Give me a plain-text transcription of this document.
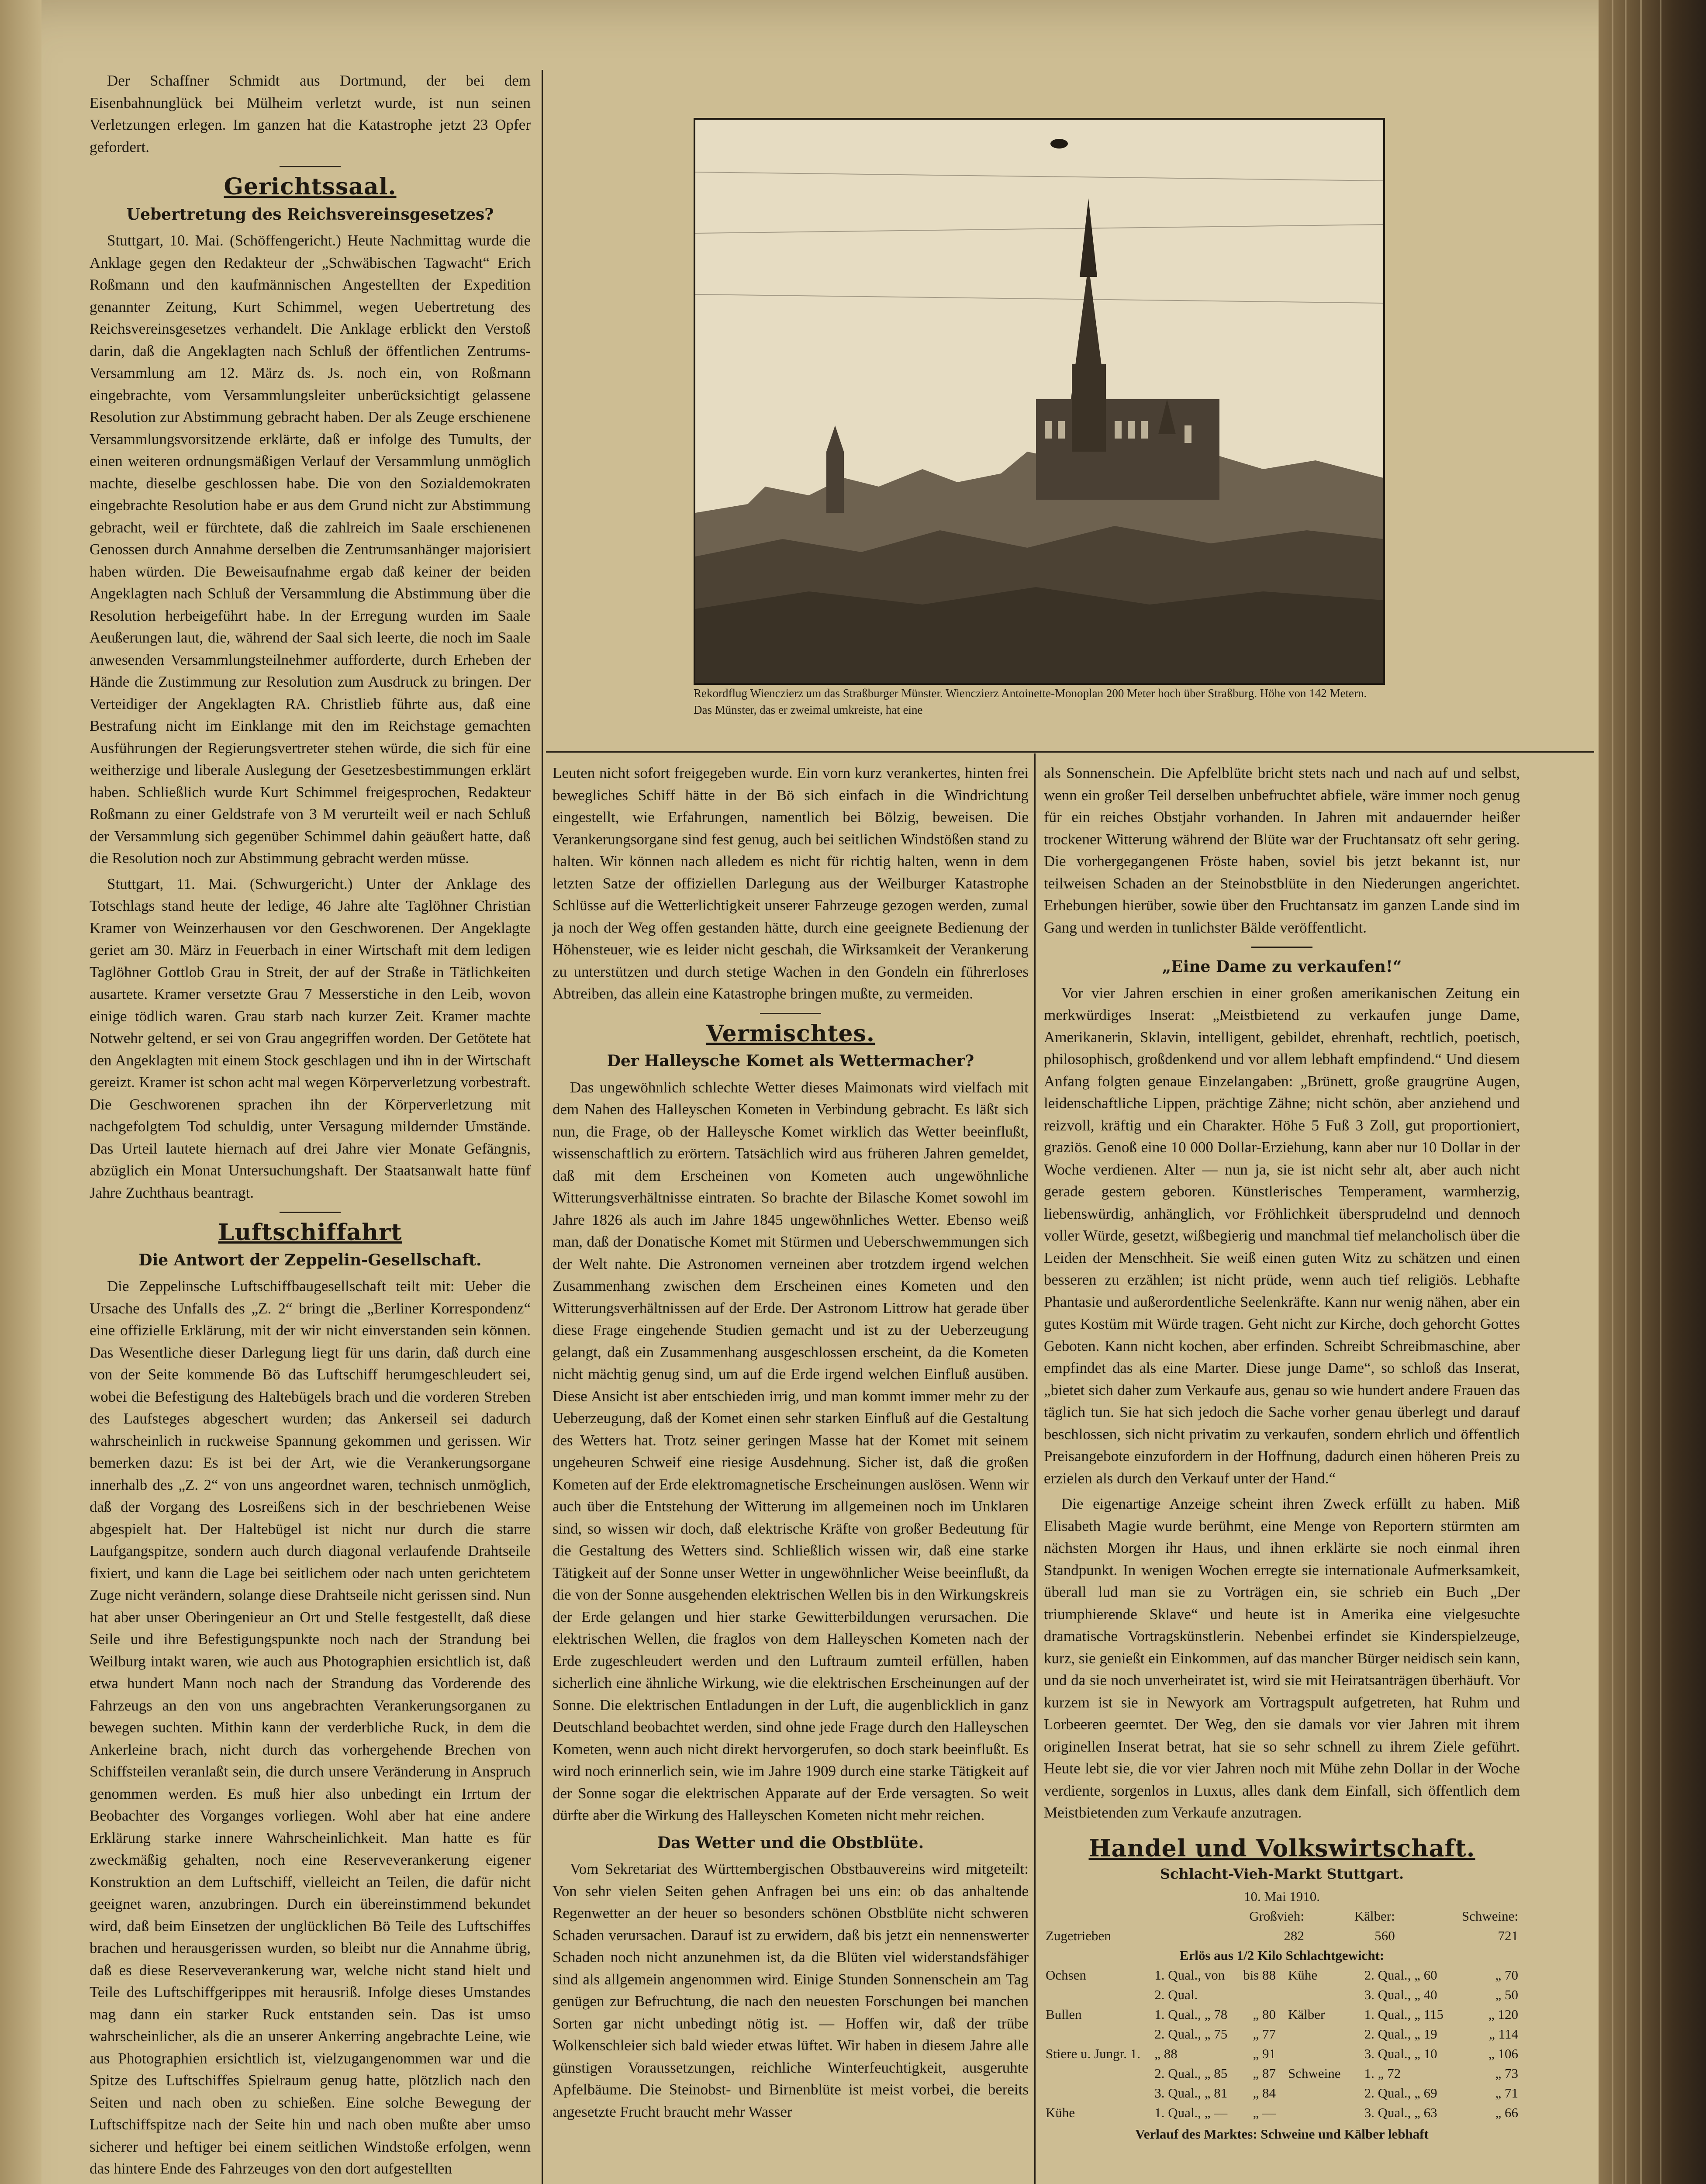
Der Schaffner Schmidt aus Dortmund, der bei dem Eisenbahnunglück bei Mülheim verletzt wurde, ist nun seinen Verletzungen erlegen. Im ganzen hat die Katastrophe jetzt 23 Opfer gefordert.

Gerichtssaal.
Uebertretung des Reichsvereinsgesetzes?

Stuttgart, 10. Mai. (Schöffengericht.) Heute Nachmittag wurde die Anklage gegen den Redakteur der „Schwäbischen Tagwacht“ Erich Roßmann und den kaufmännischen Angestellten der Expedition genannter Zeitung, Kurt Schimmel, wegen Uebertretung des Reichsvereinsgesetzes verhandelt. Die Anklage erblickt den Verstoß darin, daß die Angeklagten nach Schluß der öffentlichen Zentrums-Versammlung am 12. März ds. Js. noch ein, von Roßmann eingebrachte, vom Versammlungsleiter unberücksichtigt gelassene Resolution zur Abstimmung gebracht haben. Der als Zeuge erschienene Versammlungsvorsitzende erklärte, daß er infolge des Tumults, der einen weiteren ordnungsmäßigen Verlauf der Versammlung unmöglich machte, dieselbe geschlossen habe. Die von den Sozialdemokraten eingebrachte Resolution habe er aus dem Grund nicht zur Abstimmung gebracht, weil er fürchtete, daß die zahlreich im Saale erschienenen Genossen durch Annahme derselben die Zentrumsanhänger majorisiert haben würden. Die Beweisaufnahme ergab daß keiner der beiden Angeklagten nach Schluß der Versammlung die Abstimmung über die Resolution herbeigeführt habe. In der Erregung wurden im Saale Aeußerungen laut, die, während der Saal sich leerte, die noch im Saale anwesenden Versammlungsteilnehmer aufforderte, durch Erheben der Hände die Zustimmung zur Resolution zum Ausdruck zu bringen. Der Verteidiger der Angeklagten RA. Christlieb führte aus, daß eine Bestrafung nicht im Einklange mit den im Reichstage gemachten Ausführungen der Regierungsvertreter stehen würde, die sich für eine weitherzige und liberale Auslegung der Gesetzesbestimmungen erklärt haben. Schließlich wurde Kurt Schimmel freigesprochen, Redakteur Roßmann zu einer Geldstrafe von 3 M verurteilt weil er nach Schluß der Versammlung sich gegenüber Schimmel dahin geäußert hatte, daß die Resolution noch zur Abstimmung gebracht werden müsse.

Stuttgart, 11. Mai. (Schwurgericht.) Unter der Anklage des Totschlags stand heute der ledige, 46 Jahre alte Taglöhner Christian Kramer von Weinzerhausen vor den Geschworenen. Der Angeklagte geriet am 30. März in Feuerbach in einer Wirtschaft mit dem ledigen Taglöhner Gottlob Grau in Streit, der auf der Straße in Tätlichkeiten ausartete. Kramer versetzte Grau 7 Messerstiche in den Leib, wovon einige tödlich waren. Grau starb nach kurzer Zeit. Kramer machte Notwehr geltend, er sei von Grau angegriffen worden. Der Getötete hat den Angeklagten mit einem Stock geschlagen und ihn in der Wirtschaft gereizt. Kramer ist schon acht mal wegen Körperverletzung vorbestraft. Die Geschworenen sprachen ihn der Körperverletzung mit nachgefolgtem Tod schuldig, unter Versagung mildernder Umstände. Das Urteil lautete hiernach auf drei Jahre vier Monate Gefängnis, abzüglich ein Monat Untersuchungshaft. Der Staatsanwalt hatte fünf Jahre Zuchthaus beantragt.

Luftschiffahrt
Die Antwort der Zeppelin-Gesellschaft.

Die Zeppelinsche Luftschiffbaugesellschaft teilt mit: Ueber die Ursache des Unfalls des „Z. 2“ bringt die „Berliner Korrespondenz“ eine offizielle Erklärung, mit der wir nicht einverstanden sein können. Das Wesentliche dieser Darlegung liegt für uns darin, daß durch eine von der Seite kommende Bö das Luftschiff herumgeschleudert sei, wobei die Befestigung des Haltebügels brach und die vorderen Streben des Laufsteges abgeschert wurden; das Ankerseil sei dadurch wahrscheinlich in ruckweise Spannung gekommen und gerissen. Wir bemerken dazu: Es ist bei der Art, wie die Verankerungsorgane innerhalb des „Z. 2“ von uns angeordnet waren, technisch unmöglich, daß der Vorgang des Losreißens sich in der beschriebenen Weise abgespielt hat. Der Haltebügel ist nicht nur durch die starre Laufgangspitze, sondern auch durch diagonal verlaufende Drahtseile fixiert, und kann die Lage bei seitlichem oder nach unten gerichtetem Zuge nicht verändern, solange diese Drahtseile nicht gerissen sind. Nun hat aber unser Oberingenieur an Ort und Stelle festgestellt, daß diese Seile und ihre Befestigungspunkte noch nach der Strandung bei Weilburg intakt waren, wie auch aus Photographien ersichtlich ist, daß etwa hundert Mann noch nach der Strandung das Vorderende des Fahrzeugs an den von uns angebrachten Verankerungsorganen zu bewegen suchten. Mithin kann der verderbliche Ruck, in dem die Ankerleine brach, nicht durch das vorhergehende Brechen von Schiffsteilen veranlaßt sein, die durch unsere Veränderung in Anspruch genommen werden. Es muß hier also unbedingt ein Irrtum der Beobachter des Vorganges vorliegen. Wohl aber hat eine andere Erklärung starke innere Wahrscheinlichkeit. Man hatte es für zweckmäßig gehalten, noch eine Reserveverankerung eigener Konstruktion an dem Luftschiff, vielleicht an Teilen, die dafür nicht geeignet waren, anzubringen. Durch ein übereinstimmend bekundet wird, daß beim Einsetzen der unglücklichen Bö Teile des Luftschiffes brachen und herausgerissen wurden, so bleibt nur die Annahme übrig, daß es diese Reserveverankerung war, welche nicht stand hielt und Teile des Luftschiffgerippes mit herausriß. Infolge dieses Umstandes mag dann ein starker Ruck entstanden sein. Das ist umso wahrscheinlicher, als die an unserer Ankerring angebrachte Leine, wie aus Photographien ersichtlich ist, vielzugangenommen war und die Spitze des Luftschiffes Spielraum genug hatte, plötzlich nach den Seiten und nach oben zu schießen. Eine solche Bewegung der Luftschiffspitze nach der Seite hin und nach oben mußte aber umso sicherer und heftiger bei einem seitlichen Windstoße erfolgen, wenn das hintere Ende des Fahrzeuges von den dort aufgestellten

Rekordflug Wienczierz um das Straßburger Münster. Wienczierz Antoinette-Monoplan 200 Meter hoch über Straßburg. Höhe von 142 Metern. Das Münster, das er zweimal umkreiste, hat eine

Leuten nicht sofort freigegeben wurde. Ein vorn kurz verankertes, hinten frei bewegliches Schiff hätte in der Bö sich einfach in die Windrichtung eingestellt, wie Erfahrungen, namentlich bei Bölzig, beweisen. Die Verankerungsorgane sind fest genug, auch bei seitlichen Windstößen stand zu halten. Wir können nach alledem es nicht für richtig halten, wenn in dem letzten Satze der offiziellen Darlegung aus der Weilburger Katastrophe Schlüsse auf die Wetterlichtigkeit unserer Fahrzeuge gezogen werden, zumal ja noch der Weg offen gestanden hätte, durch eine geeignete Bedienung der Höhensteuer, wie es leider nicht geschah, die Wirksamkeit der Verankerung zu unterstützen und durch stetige Wachen in den Gondeln ein führerloses Abtreiben, das allein eine Katastrophe bringen mußte, zu vermeiden.

Vermischtes.
Der Halleysche Komet als Wettermacher?

Das ungewöhnlich schlechte Wetter dieses Maimonats wird vielfach mit dem Nahen des Halleyschen Kometen in Verbindung gebracht. Es läßt sich nun, die Frage, ob der Halleysche Komet wirklich das Wetter beeinflußt, wissenschaftlich zu erörtern. Tatsächlich wird aus früheren Jahren gemeldet, daß mit dem Erscheinen von Kometen auch ungewöhnliche Witterungsverhältnisse eintraten. So brachte der Bilasche Komet sowohl im Jahre 1826 als auch im Jahre 1845 ungewöhnliches Wetter. Ebenso weiß man, daß der Donatische Komet mit Stürmen und Ueberschwemmungen sich der Welt nahte. Die Astronomen verneinen aber trotzdem irgend welchen Zusammenhang zwischen dem Erscheinen eines Kometen und den Witterungsverhältnissen auf der Erde. Der Astronom Littrow hat gerade über diese Frage eingehende Studien gemacht und ist zu der Ueberzeugung gelangt, daß ein Zusammenhang ausgeschlossen erscheint, da die Kometen nicht mächtig genug sind, um auf die Erde irgend welchen Einfluß ausüben. Diese Ansicht ist aber entschieden irrig, und man kommt immer mehr zu der Ueberzeugung, daß der Komet einen sehr starken Einfluß auf die Gestaltung des Wetters hat. Trotz seiner geringen Masse hat der Komet mit seinem ungeheuren Schweif eine riesige Ausdehnung. Sicher ist, daß die großen Kometen auf der Erde elektromagnetische Erscheinungen auslösen. Wenn wir auch über die Entstehung der Witterung im allgemeinen noch im Unklaren sind, so wissen wir doch, daß elektrische Kräfte von großer Bedeutung für die Gestaltung des Wetters sind. Schließlich wissen wir, daß eine starke Tätigkeit auf der Sonne unser Wetter in ungewöhnlicher Weise beeinflußt, da die von der Sonne ausgehenden elektrischen Wellen bis in den Wirkungskreis der Erde gelangen und hier starke Gewitterbildungen verursachen. Die elektrischen Wellen, die fraglos von dem Halleyschen Kometen nach der Erde zugeschleudert werden und den Luftraum zumteil erfüllen, haben sicherlich eine ähnliche Wirkung, wie die elektrischen Erscheinungen auf der Sonne. Die elektrischen Entladungen in der Luft, die augenblicklich in ganz Deutschland beobachtet werden, sind ohne jede Frage durch den Halleyschen Kometen, wenn auch nicht direkt hervorgerufen, so doch stark beeinflußt. Es wird noch erinnerlich sein, wie im Jahre 1909 durch eine starke Tätigkeit auf der Sonne sogar die elektrischen Apparate auf der Erde versagten. So weit dürfte aber die Wirkung des Halleyschen Kometen nicht mehr reichen.

Das Wetter und die Obstblüte.

Vom Sekretariat des Württembergischen Obstbauvereins wird mitgeteilt: Von sehr vielen Seiten gehen Anfragen bei uns ein: ob das anhaltende Regenwetter an der heuer so besonders schönen Obstblüte nicht schweren Schaden verursachen. Darauf ist zu erwidern, daß bis jetzt ein nennenswerter Schaden noch nicht anzunehmen ist, da die Blüten viel widerstandsfähiger sind als allgemein angenommen wird. Einige Stunden Sonnenschein am Tag genügen zur Befruchtung, die nach den neuesten Forschungen bei manchen Sorten gar nicht unbedingt nötig ist. — Hoffen wir, daß der trübe Wolkenschleier sich bald wieder etwas lüftet. Wir haben in diesem Jahre alle günstigen Voraussetzungen, reichliche Winterfeuchtigkeit, ausgeruhte Apfelbäume. Die Steinobst- und Birnenblüte ist meist vorbei, die bereits angesetzte Frucht braucht mehr Wasser

als Sonnenschein. Die Apfelblüte bricht stets nach und nach auf und selbst, wenn ein großer Teil derselben unbefruchtet abfiele, wäre immer noch genug für ein reiches Obstjahr vorhanden. In Jahren mit andauernder heißer trockener Witterung während der Blüte war der Fruchtansatz oft sehr gering. Die vorhergegangenen Fröste haben, soviel bis jetzt bekannt ist, nur teilweisen Schaden an der Steinobstblüte in den Niederungen angerichtet. Erhebungen hierüber, sowie über den Fruchtansatz im ganzen Lande sind im Gang und werden in tunlichster Bälde veröffentlicht.

„Eine Dame zu verkaufen!“

Vor vier Jahren erschien in einer großen amerikanischen Zeitung ein merkwürdiges Inserat: „Meistbietend zu verkaufen junge Dame, Amerikanerin, Sklavin, intelligent, gebildet, ehrenhaft, rechtlich, poetisch, philosophisch, großdenkend und vor allem lebhaft empfindend.“ Und diesem Anfang folgten genaue Einzelangaben: „Brünett, große graugrüne Augen, leidenschaftliche Lippen, prächtige Zähne; nicht schön, aber anziehend und reizvoll, kräftig und ein Charakter. Höhe 5 Fuß 3 Zoll, gut proportioniert, graziös. Genoß eine 10 000 Dollar-Erziehung, kann aber nur 10 Dollar in der Woche verdienen. Alter — nun ja, sie ist nicht sehr alt, aber auch nicht gerade gestern geboren. Künstlerisches Temperament, warmherzig, liebenswürdig, anhänglich, vor Fröhlichkeit übersprudelnd und dennoch voller Würde, gesetzt, wißbegierig und manchmal tief melancholisch über die Leiden der Menschheit. Sie weiß einen guten Witz zu schätzen und einen besseren zu erzählen; ist nicht prüde, wenn auch tief religiös. Lebhafte Phantasie und außerordentliche Seelenkräfte. Kann nur wenig nähen, aber ein gutes Kostüm mit Würde tragen. Geht nicht zur Kirche, doch gehorcht Gottes Geboten. Kann nicht kochen, aber erfinden. Schreibt Schreibmaschine, aber empfindet das als eine Marter. Diese junge Dame“, so schloß das Inserat, „bietet sich daher zum Verkaufe aus, genau so wie hundert andere Frauen das täglich tun. Sie hat sich jedoch die Sache vorher genau überlegt und darauf beschlossen, sich nicht privatim zu verkaufen, sondern ehrlich und öffentlich Preisangebote einzufordern in der Hoffnung, dadurch einen höheren Preis zu erzielen als durch den Verkauf unter der Hand.“

Die eigenartige Anzeige scheint ihren Zweck erfüllt zu haben. Miß Elisabeth Magie wurde berühmt, eine Menge von Reportern stürmten am nächsten Morgen ihr Haus, und ihnen erklärte sie noch einmal ihren Standpunkt. In wenigen Wochen erregte sie internationale Aufmerksamkeit, überall lud man sie zu Vorträgen ein, sie schrieb ein Buch „Der triumphierende Sklave“ und heute ist in Amerika eine vielgesuchte dramatische Vortragskünstlerin. Nebenbei erfindet sie Kinderspielzeuge, kurz, sie genießt ein Einkommen, auf das mancher Bürger neidisch sein kann, und da sie noch unverheiratet ist, wird sie mit Heiratsanträgen überhäuft. Vor kurzem ist sie in Newyork am Vortragspult aufgetreten, hat Ruhm und Lorbeeren geerntet. Der Weg, den sie damals vor vier Jahren mit ihrem originellen Inserat betrat, hat sie so sehr schnell zu ihrem Ziele geführt. Heute lebt sie, die vor vier Jahren noch mit Mühe zehn Dollar in der Woche verdiente, sorgenlos in Luxus, alles dank dem Einfall, sich öffentlich dem Meistbietenden zum Verkaufe anzutragen.

Handel und Volkswirtschaft.
Schlacht-Vieh-Markt Stuttgart.
10. Mai 1910.
	Großvieh:	Kälber:	Schweine:
Zugetrieben	282	560	721
Erlös aus 1/2 Kilo Schlachtgewicht:
Ochsen	1. Qual., von	bis 88
	2. Qual.	
Bullen	1. Qual., „ 78	„ 80
	2. Qual., „ 75	„ 77
Stiere u. Jungr. 1.	„ 88	„ 91
	2. Qual., „ 85	„ 87
	3. Qual., „ 81	„ 84
Kühe	1. Qual., „ —	„ —
Kühe	2. Qual., „ 60	„ 70
	3. Qual., „ 40	„ 50
Kälber	1. Qual., „ 115	„ 120
	2. Qual., „ 19	„ 114
	3. Qual., „ 10	„ 106
Schweine	1. „ 72	„ 73
	2. Qual., „ 69	„ 71
	3. Qual., „ 63	„ 66
Verlauf des Marktes: Schweine und Kälber lebhaft
